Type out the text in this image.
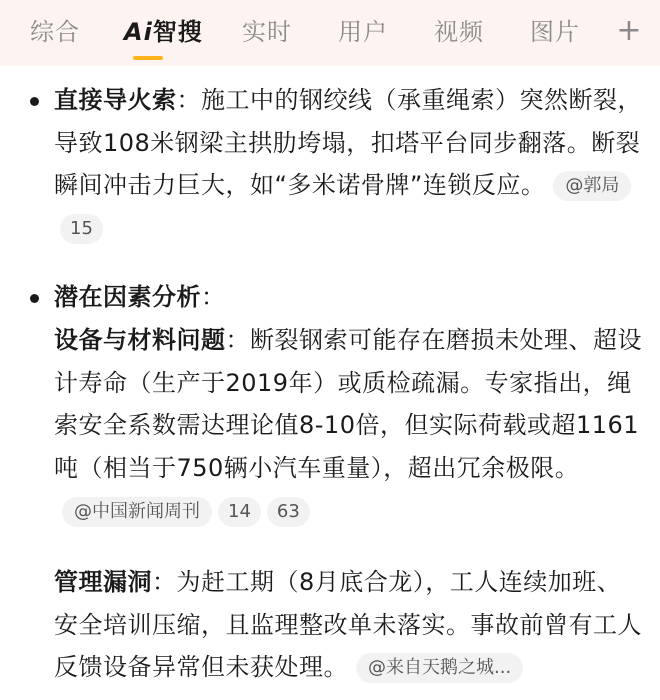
综合 Ai智搜 实时 用户 视频 图片 +
直接导火索：施工中的钢绞线（承重绳索）突然断裂，导致108米钢梁主拱肋垮塌，扣塔平台同步翻落。断裂瞬间冲击力巨大，如“多米诺骨牌”连锁反应。 @郭局15
潜在因素分析：
设备与材料问题：断裂钢索可能存在磨损未处理、超设计寿命（生产于2019年）或质检疏漏。专家指出，绳索安全系数需达理论值8-10倍，但实际荷载或超1161吨（相当于750辆小汽车重量），超出冗余极限。@中国新闻周刊 14 63
管理漏洞：为赶工期（8月底合龙），工人连续加班、安全培训压缩，且监理整改单未落实。事故前曾有工人反馈设备异常但未获处理。 @来自天鹅之城...
